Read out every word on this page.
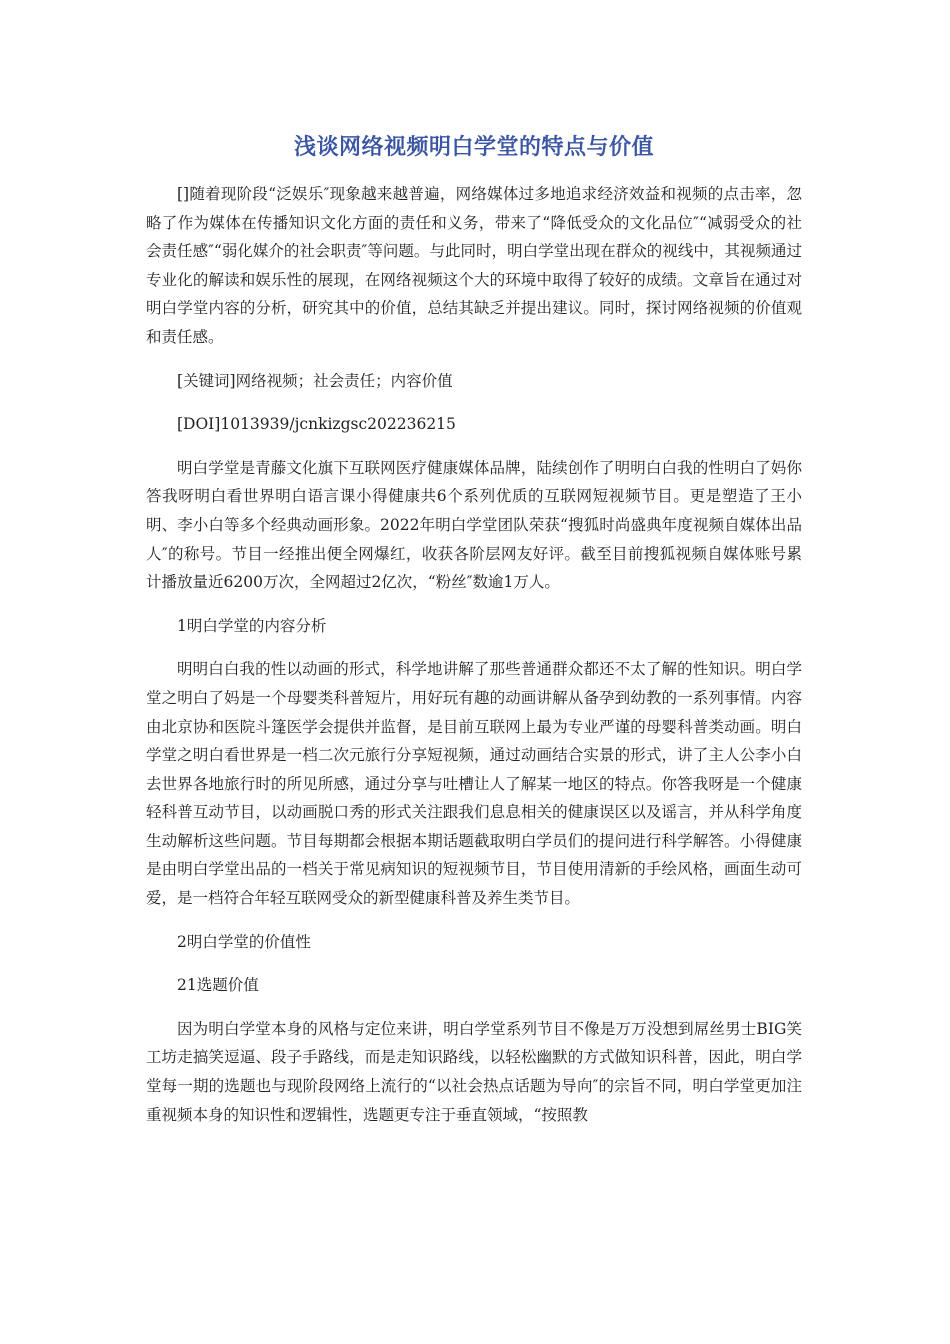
浅谈网络视频明白学堂的特点与价值

[]随着现阶段“泛娱乐″现象越来越普遍，网络媒体过多地追求经济效益和视频的点击率，忽略了作为媒体在传播知识文化方面的责任和义务，带来了“降低受众的文化品位″“减弱受众的社会责任感″“弱化媒介的社会职责″等问题。与此同时，明白学堂出现在群众的视线中，其视频通过专业化的解读和娱乐性的展现，在网络视频这个大的环境中取得了较好的成绩。文章旨在通过对明白学堂内容的分析，研究其中的价值，总结其缺乏并提出建议。同时，探讨网络视频的价值观和责任感。

[关键词]网络视频；社会责任；内容价值

[DOI]1013939/jcnkizgsc202236215

明白学堂是青藤文化旗下互联网医疗健康媒体品牌，陆续创作了明明白白我的性明白了妈你答我呀明白看世界明白语言课小得健康共6个系列优质的互联网短视频节目。更是塑造了王小明、李小白等多个经典动画形象。2022年明白学堂团队荣获“搜狐时尚盛典年度视频自媒体出品人″的称号。节目一经推出便全网爆红，收获各阶层网友好评。截至目前搜狐视频自媒体账号累计播放量近6200万次，全网超过2亿次，“粉丝″数逾1万人。

1明白学堂的内容分析

明明白白我的性以动画的形式，科学地讲解了那些普通群众都还不太了解的性知识。明白学堂之明白了妈是一个母婴类科普短片，用好玩有趣的动画讲解从备孕到幼教的一系列事情。内容由北京协和医院斗篷医学会提供并监督，是目前互联网上最为专业严谨的母婴科普类动画。明白学堂之明白看世界是一档二次元旅行分享短视频，通过动画结合实景的形式，讲了主人公李小白去世界各地旅行时的所见所感，通过分享与吐槽让人了解某一地区的特点。你答我呀是一个健康轻科普互动节目，以动画脱口秀的形式关注跟我们息息相关的健康误区以及谣言，并从科学角度生动解析这些问题。节目每期都会根据本期话题截取明白学员们的提问进行科学解答。小得健康是由明白学堂出品的一档关于常见病知识的短视频节目，节目使用清新的手绘风格，画面生动可爱，是一档符合年轻互联网受众的新型健康科普及养生类节目。

2明白学堂的价值性

21选题价值

因为明白学堂本身的风格与定位来讲，明白学堂系列节目不像是万万没想到屌丝男士BIG笑工坊走搞笑逗逼、段子手路线，而是走知识路线，以轻松幽默的方式做知识科普，因此，明白学堂每一期的选题也与现阶段网络上流行的“以社会热点话题为导向″的宗旨不同，明白学堂更加注重视频本身的知识性和逻辑性，选题更专注于垂直领域，“按照教
